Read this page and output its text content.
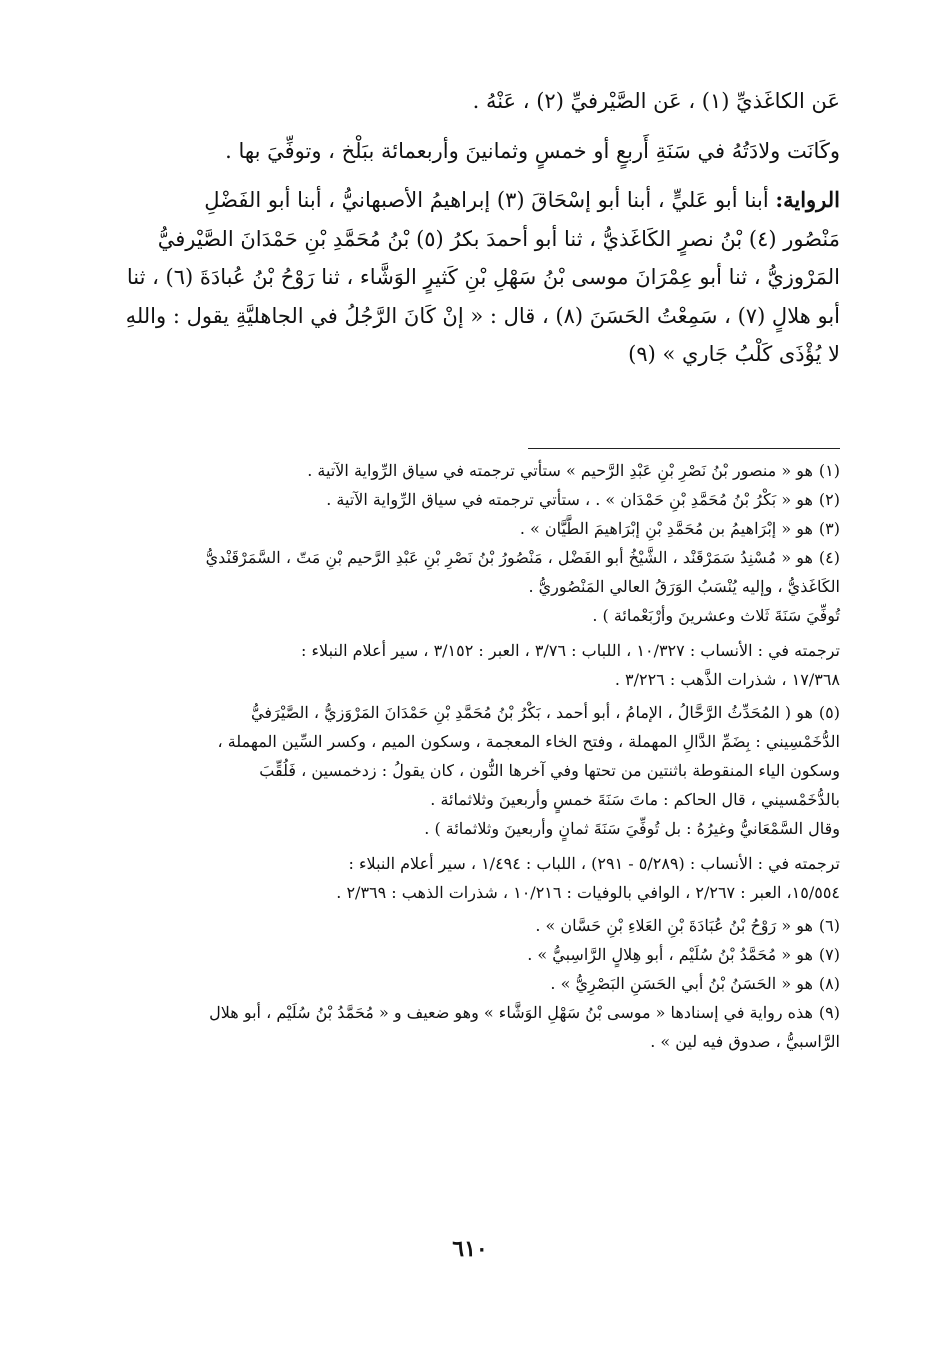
عَن الكاغَذيِّ (١) ، عَن الصَّيْرفيِّ (٢) ، عَنْهُ .

وكَانَت ولادَتُهُ في سَنَةِ أَربعٍ أو خمسٍ وثمانينَ وأربعمائة ببَلْخ ، وتوفِّيَ بها .

الرواية: أبنا أبو عَليٍّ ، أبنا أبو إسْحَاقَ (٣) إبراهيمُ الأصبهانيُّ ، أبنا أبو الفَضْلِ
مَنْصُور (٤) بْنُ نصرٍ الكَاغَذيُّ ، ثنا أبو أحمدَ بكرُ (٥) بْنُ مُحَمَّدِ بْنِ حَمْدَانَ الصَّيْرفيُّ
المَرْوزيُّ ، ثنا أبو عِمْرَانَ موسى بْنُ سَهْلِ بْنِ كَثيرٍ الوَشَّاء ، ثنا رَوْحُ بْنُ عُبادَةَ (٦) ، ثنا
أبو هلالٍ (٧) ، سَمِعْتُ الحَسَنَ (٨) ، قال : « إنْ كَانَ الرَّجُلُ في الجاهليَّةِ يقول : واللهِ
لا يُؤْذَى كَلْبُ جَاري » (٩)

(١)هو « منصور بْنُ نَصْرِ بْنِ عَبْدِ الرَّحيم » ستأتي ترجمته في سياق الرِّواية الآتية .
(٢)هو « بَكْرُ بْنُ مُحَمَّدِ بْنِ حَمْدَان » . ، ستأتي ترجمته في سياق الرِّواية الآتية .
(٣)هو « إبْرَاهيمُ بن مُحَمَّدِ بْنِ إبْرَاهيمَ الطَّيَّان » .
(٤)هو « مُسْنِدُ سَمَرْقَنْد ، الشَّيْخُ أبو الفَضْل ، مَنْصُورُ بْنُ نَصْرِ بْنِ عَبْدِ الرَّحيم بْنِ مَتّ ، السَّمَرْقَنْديُّ
الكَاغَذيُّ ، وإليه يُنْسَبُ الوَرَقُ العالي المَنْصُوريُّ .
تُوفِّيَ سَنَةَ ثَلاث وعشرينَ وأرْبَعْمائة ) .
ترجمته في : الأنساب : ١٠/٣٢٧ ، اللباب : ٣/٧٦ ، العبر : ٣/١٥٢ ، سير أعلام النبلاء :
١٧/٣٦٨ ، شذرات الذَّهب : ٣/٢٢٦ .
(٥)هو ( المُحَدِّثُ الرَّحَّالُ ، الإمامُ ، أبو أحمد ، بَكْرُ بْنُ مُحَمَّدِ بْنِ حَمْدَانَ المَرْوَزيُّ ، الصَّيْرَفيُّ
الدُّخَمْسِيني : بِضَمِّ الدَّالِ المهملة ، وفتح الخاء المعجمة ، وسكون الميم ، وكسر السِّين المهملة ،
وسكون الياء المنقوطة باثنتين من تحتها وفي آخرها النُّون ، كان يقولُ : زدخمسين ، فَلُقِّبَ
بالدُّخَمْسيني ، قال الحاكم : ماتَ سَنَةَ خمسٍ وأربعينَ وثلاثمائة .
وقال السَّمْعَانيُّ وغيرُهُ : بل تُوفِّيَ سَنَةَ ثمانٍ وأربعينَ وثلاثمائة ) .
ترجمته في : الأنساب : (٥/٢٨٩ - ٢٩١) ، اللباب : ١/٤٩٤ ، سير أعلام النبلاء :
١٥/٥٥٤، العبر : ٢/٢٦٧ ، الوافي بالوفيات : ١٠/٢١٦ ، شذرات الذهب : ٢/٣٦٩ .
(٦)هو « رَوْحُ بْنُ عُبَادَةَ بْنِ العَلاءِ بْنِ حَسَّان » .
(٧)هو « مُحَمَّدُ بْنُ سُلَيْم ، أبو هِلالٍ الرَّاسِبيُّ » .
(٨)هو « الحَسَنُ بْنُ أبي الحَسَنِ البَصْرِيُّ » .
(٩)هذه رواية في إسنادها « موسى بْنُ سَهْلِ الوَشَّاء » وهو ضعيف و « مُحَمَّدُ بْنُ سُلَيْم ، أبو هلال
الرَّاسبيُّ ، صدوق فيه لين » .
٦١٠
